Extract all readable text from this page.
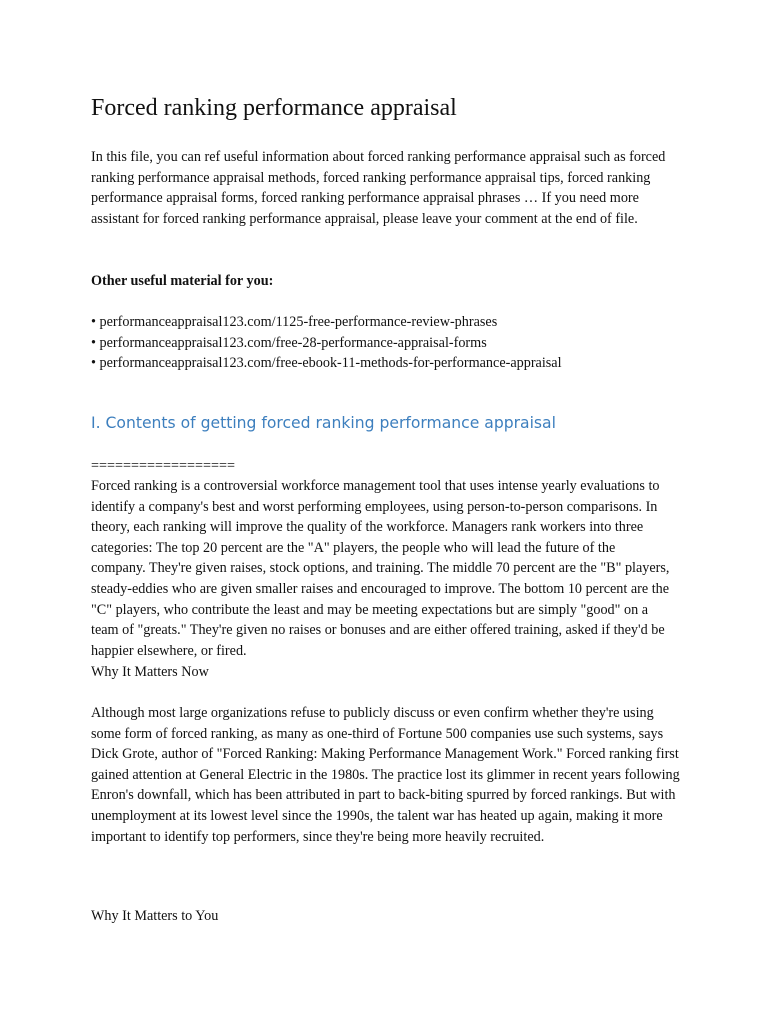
Forced ranking performance appraisal

In this file, you can ref useful information about forced ranking performance appraisal such as forced ranking performance appraisal methods, forced ranking performance appraisal tips, forced ranking performance appraisal forms, forced ranking performance appraisal phrases … If you need more assistant for forced ranking performance appraisal, please leave your comment at the end of file.

Other useful material for you:

• performanceappraisal123.com/1125-free-performance-review-phrases
• performanceappraisal123.com/free-28-performance-appraisal-forms
• performanceappraisal123.com/free-ebook-11-methods-for-performance-appraisal
I. Contents of getting forced ranking performance appraisal

==================

Forced ranking is a controversial workforce management tool that uses intense yearly evaluations to identify a company's best and worst performing employees, using person-to-person comparisons. In theory, each ranking will improve the quality of the workforce. Managers rank workers into three categories: The top 20 percent are the "A" players, the people who will lead the future of the company. They're given raises, stock options, and training. The middle 70 percent are the "B" players, steady-eddies who are given smaller raises and encouraged to improve. The bottom 10 percent are the "C" players, who contribute the least and may be meeting expectations but are simply "good" on a team of "greats." They're given no raises or bonuses and are either offered training, asked if they'd be happier elsewhere, or fired.

Why It Matters Now

Although most large organizations refuse to publicly discuss or even confirm whether they're using some form of forced ranking, as many as one-third of Fortune 500 companies use such systems, says Dick Grote, author of "Forced Ranking: Making Performance Management Work." Forced ranking first gained attention at General Electric in the 1980s. The practice lost its glimmer in recent years following Enron's downfall, which has been attributed in part to back-biting spurred by forced rankings. But with unemployment at its lowest level since the 1990s, the talent war has heated up again, making it more important to identify top performers, since they're being more heavily recruited.

Why It Matters to You
